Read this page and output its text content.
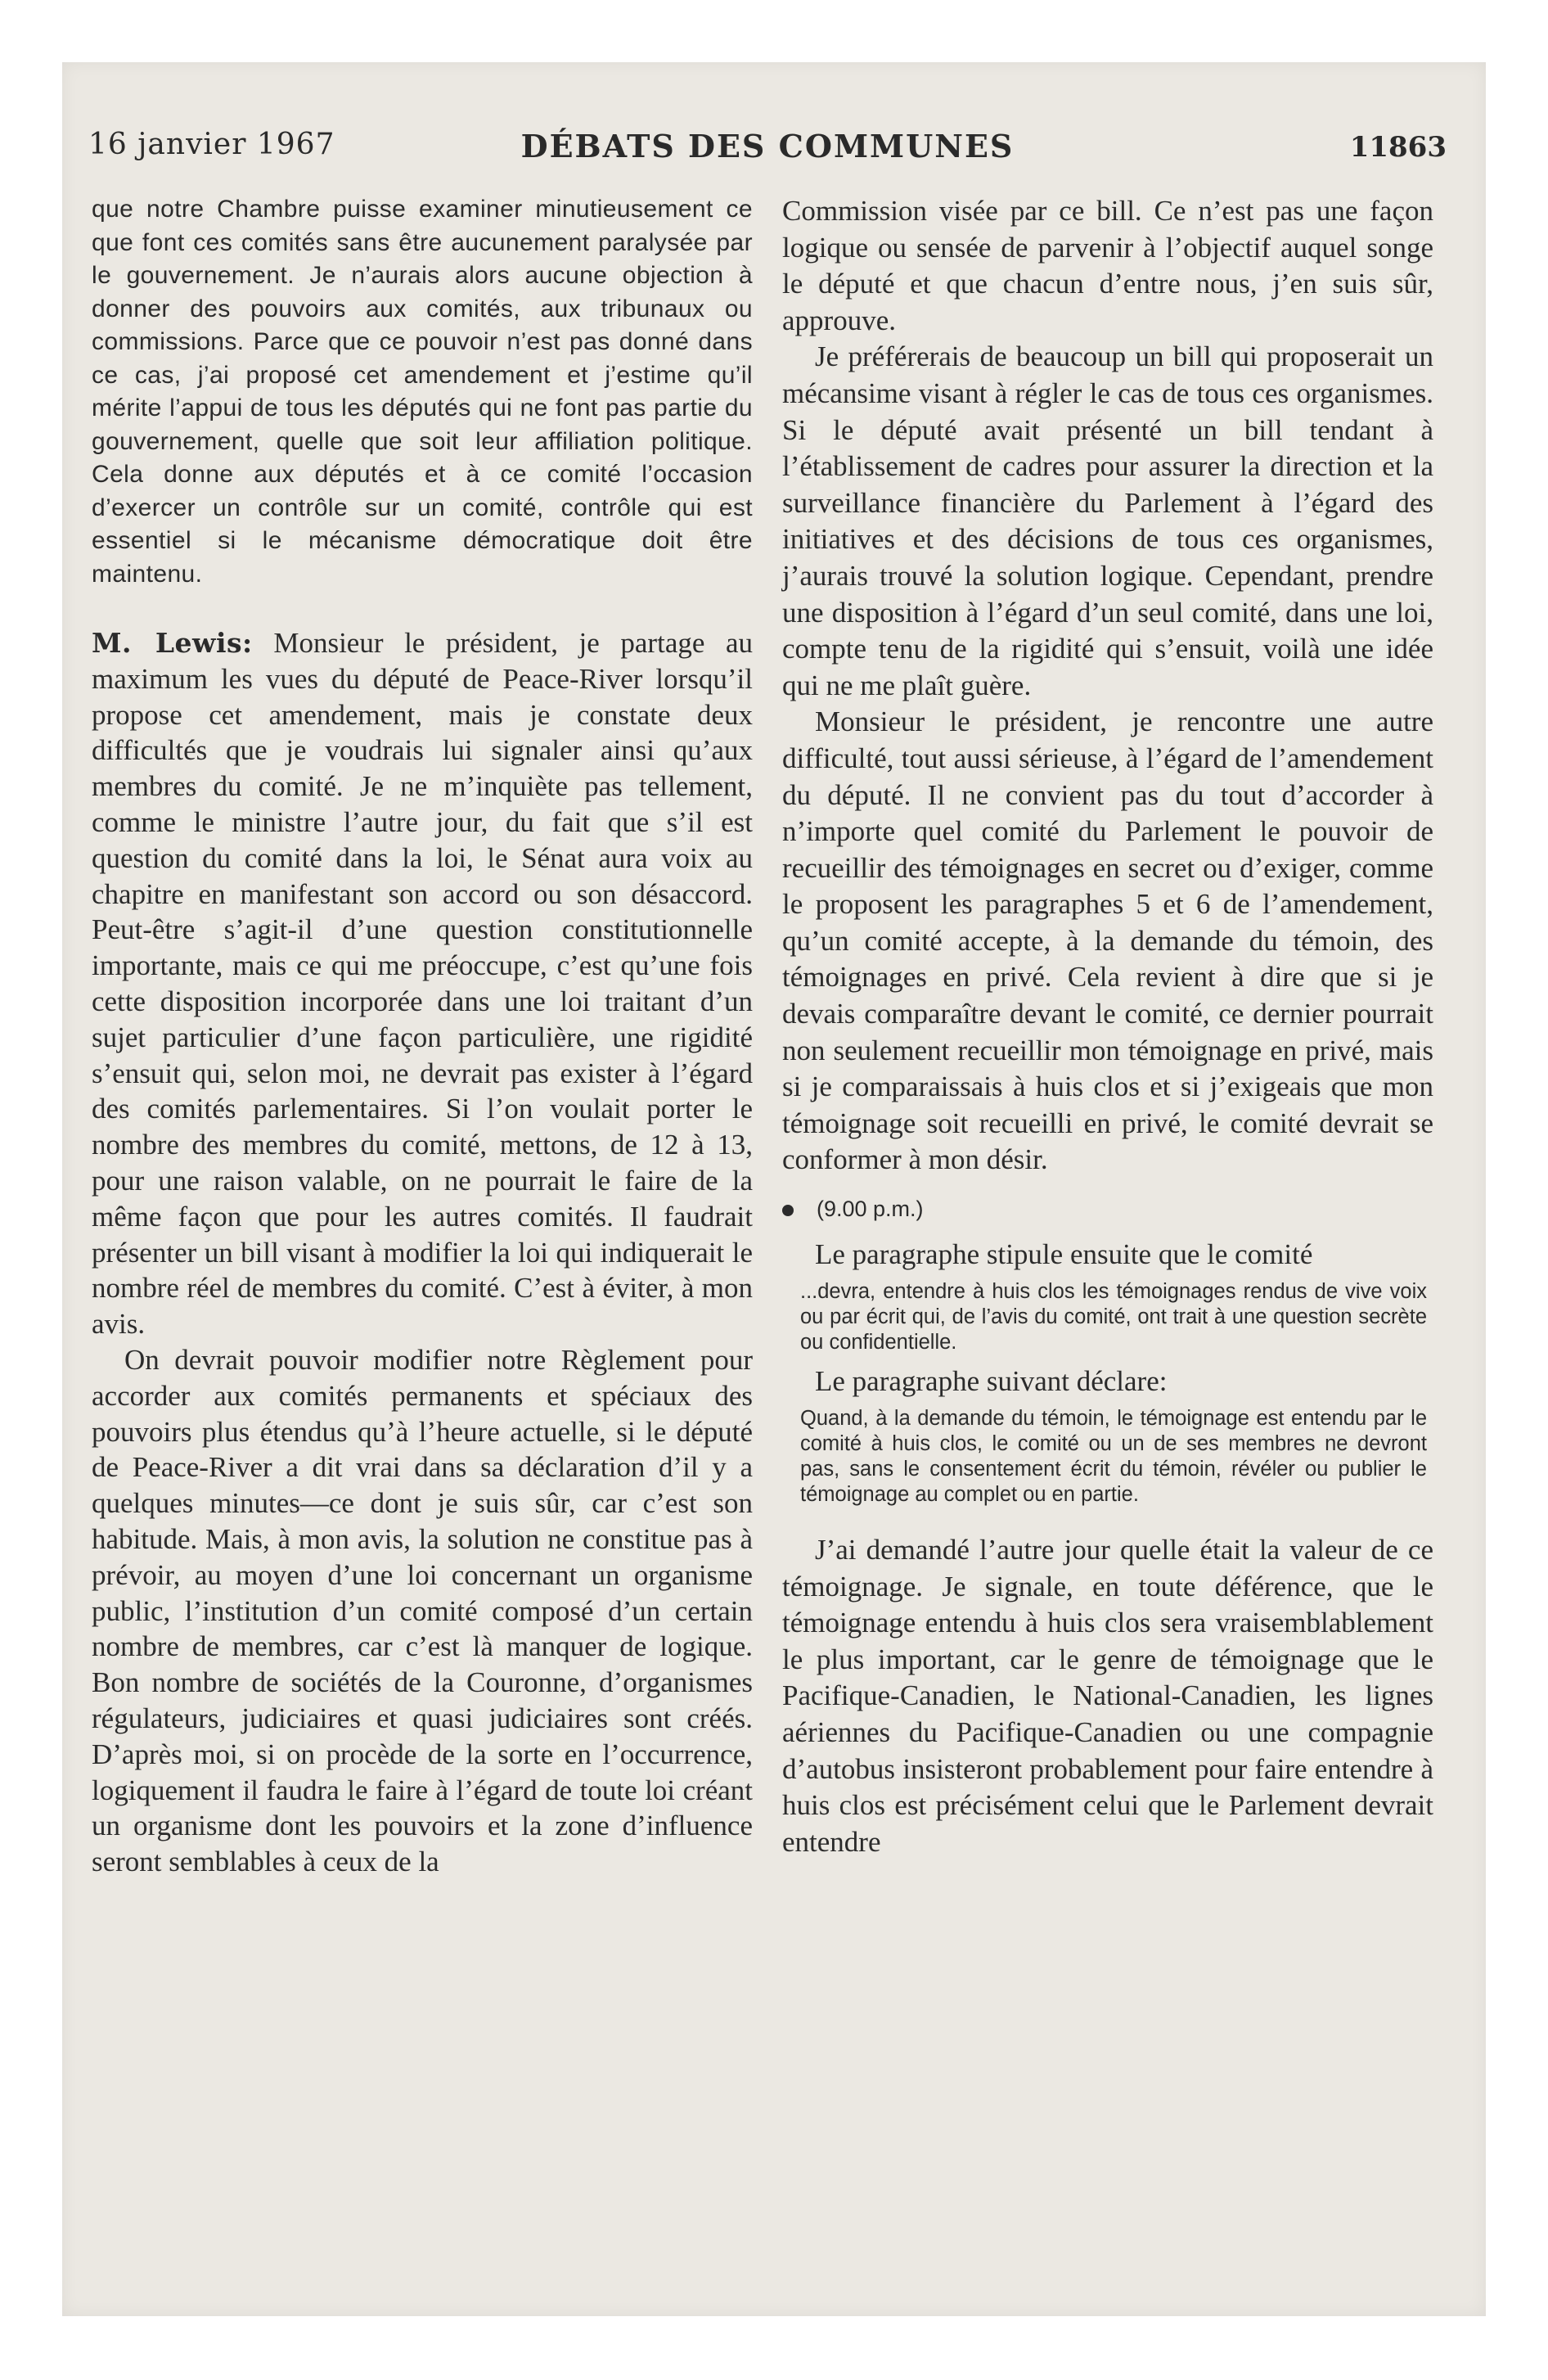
16 janvier 1967	DÉBATS DES COMMUNES	11863

que notre Chambre puisse examiner minutieusement ce que font ces comités sans être aucunement paralysée par le gouvernement. Je n’aurais alors aucune objection à donner des pouvoirs aux comités, aux tribunaux ou commissions. Parce que ce pouvoir n’est pas donné dans ce cas, j’ai proposé cet amendement et j’estime qu’il mérite l’appui de tous les députés qui ne font pas partie du gouvernement, quelle que soit leur affiliation politique. Cela donne aux députés et à ce comité l’occasion d’exercer un contrôle sur un comité, contrôle qui est essentiel si le mécanisme démocratique doit être maintenu.

M. Lewis: Monsieur le président, je partage au maximum les vues du député de Peace-River lorsqu’il propose cet amendement, mais je constate deux difficultés que je voudrais lui signaler ainsi qu’aux membres du comité. Je ne m’inquiète pas tellement, comme le ministre l’autre jour, du fait que s’il est question du comité dans la loi, le Sénat aura voix au chapitre en manifestant son accord ou son désaccord. Peut-être s’agit-il d’une question constitutionnelle importante, mais ce qui me préoccupe, c’est qu’une fois cette disposition incorporée dans une loi traitant d’un sujet particulier d’une façon particulière, une rigidité s’ensuit qui, selon moi, ne devrait pas exister à l’égard des comités parlementaires. Si l’on voulait porter le nombre des membres du comité, mettons, de 12 à 13, pour une raison valable, on ne pourrait le faire de la même façon que pour les autres comités. Il faudrait présenter un bill visant à modifier la loi qui indiquerait le nombre réel de membres du comité. C’est à éviter, à mon avis.

On devrait pouvoir modifier notre Règlement pour accorder aux comités permanents et spéciaux des pouvoirs plus étendus qu’à l’heure actuelle, si le député de Peace-River a dit vrai dans sa déclaration d’il y a quelques minutes—ce dont je suis sûr, car c’est son habitude. Mais, à mon avis, la solution ne constitue pas à prévoir, au moyen d’une loi concernant un organisme public, l’institution d’un comité composé d’un certain nombre de membres, car c’est là manquer de logique. Bon nombre de sociétés de la Couronne, d’organismes régulateurs, judiciaires et quasi judiciaires sont créés. D’après moi, si on procède de la sorte en l’occurrence, logiquement il faudra le faire à l’égard de toute loi créant un organisme dont les pouvoirs et la zone d’influence seront semblables à ceux de la

Commission visée par ce bill. Ce n’est pas une façon logique ou sensée de parvenir à l’objectif auquel songe le député et que chacun d’entre nous, j’en suis sûr, approuve.

Je préférerais de beaucoup un bill qui proposerait un mécansime visant à régler le cas de tous ces organismes. Si le député avait présenté un bill tendant à l’établissement de cadres pour assurer la direction et la surveillance financière du Parlement à l’égard des initiatives et des décisions de tous ces organismes, j’aurais trouvé la solution logique. Cependant, prendre une disposition à l’égard d’un seul comité, dans une loi, compte tenu de la rigidité qui s’ensuit, voilà une idée qui ne me plaît guère.

Monsieur le président, je rencontre une autre difficulté, tout aussi sérieuse, à l’égard de l’amendement du député. Il ne convient pas du tout d’accorder à n’importe quel comité du Parlement le pouvoir de recueillir des témoignages en secret ou d’exiger, comme le proposent les paragraphes 5 et 6 de l’amendement, qu’un comité accepte, à la demande du témoin, des témoignages en privé. Cela revient à dire que si je devais comparaître devant le comité, ce dernier pourrait non seulement recueillir mon témoignage en privé, mais si je comparaissais à huis clos et si j’exigeais que mon témoignage soit recueilli en privé, le comité devrait se conformer à mon désir.

(9.00 p.m.)

Le paragraphe stipule ensuite que le comité

...devra, entendre à huis clos les témoignages rendus de vive voix ou par écrit qui, de l’avis du comité, ont trait à une question secrète ou confidentielle.

Le paragraphe suivant déclare:

Quand, à la demande du témoin, le témoignage est entendu par le comité à huis clos, le comité ou un de ses membres ne devront pas, sans le consentement écrit du témoin, révéler ou publier le témoignage au complet ou en partie.

J’ai demandé l’autre jour quelle était la valeur de ce témoignage. Je signale, en toute déférence, que le témoignage entendu à huis clos sera vraisemblablement le plus important, car le genre de témoignage que le Pacifique-Canadien, le National-Canadien, les lignes aériennes du Pacifique-Canadien ou une compagnie d’autobus insisteront probablement pour faire entendre à huis clos est précisément celui que le Parlement devrait entendre
